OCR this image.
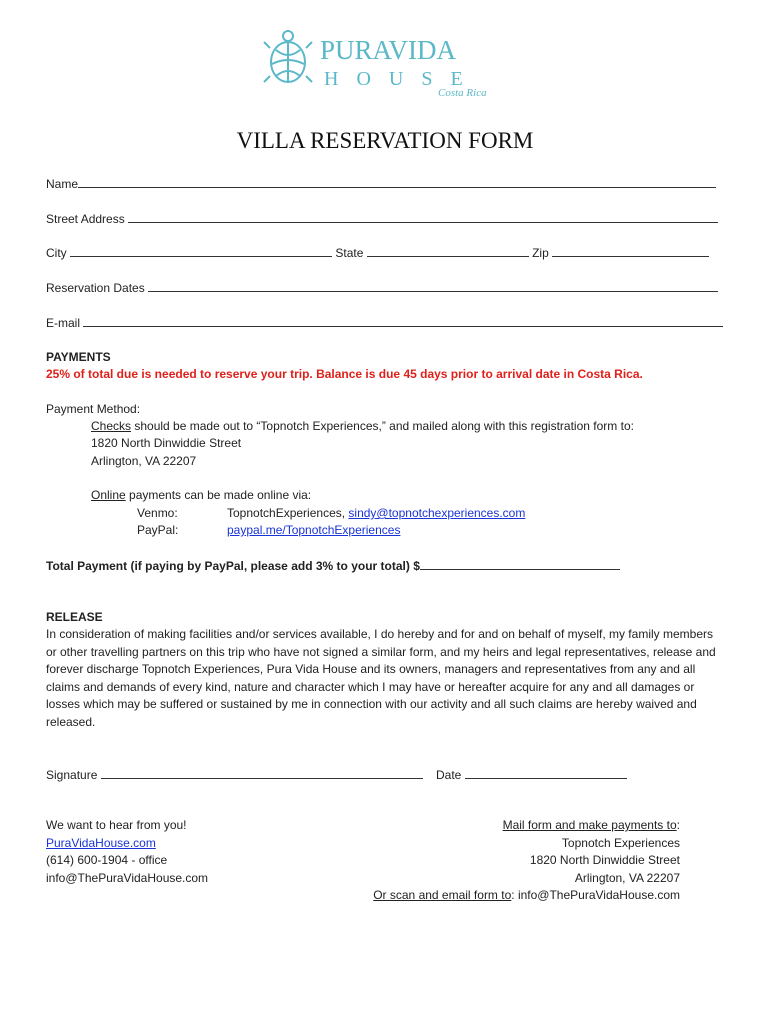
PURAVIDA
HOUSE
Costa Rica
VILLA RESERVATION FORM
Name
Street Address
City	State	Zip
Reservation Dates
E-mail
PAYMENTS
25% of total due is needed to reserve your trip. Balance is due 45 days prior to arrival date in Costa Rica.
Payment Method:
Checks should be made out to “Topnotch Experiences,” and mailed along with this registration form to:
1820 North Dinwiddie Street
Arlington, VA 22207
Online payments can be made online via:
Venmo:	TopnotchExperiences, sindy@topnotchexperiences.com
PayPal:	paypal.me/TopnotchExperiences
Total Payment (if paying by PayPal, please add 3% to your total) $
RELEASE
In consideration of making facilities and/or services available, I do hereby and for and on behalf of myself, my family members or other travelling partners on this trip who have not signed a similar form, and my heirs and legal representatives, release and forever discharge Topnotch Experiences, Pura Vida House and its owners, managers and representatives from any and all claims and demands of every kind, nature and character which I may have or hereafter acquire for any and all damages or losses which may be suffered or sustained by me in connection with our activity and all such claims are hereby waived and released.
Signature	Date
We want to hear from you!
PuraVidaHouse.com
(614) 600-1904 - office
info@ThePuraVidaHouse.com
Mail form and make payments to:
Topnotch Experiences
1820 North Dinwiddie Street
Arlington, VA 22207
Or scan and email form to: info@ThePuraVidaHouse.com
